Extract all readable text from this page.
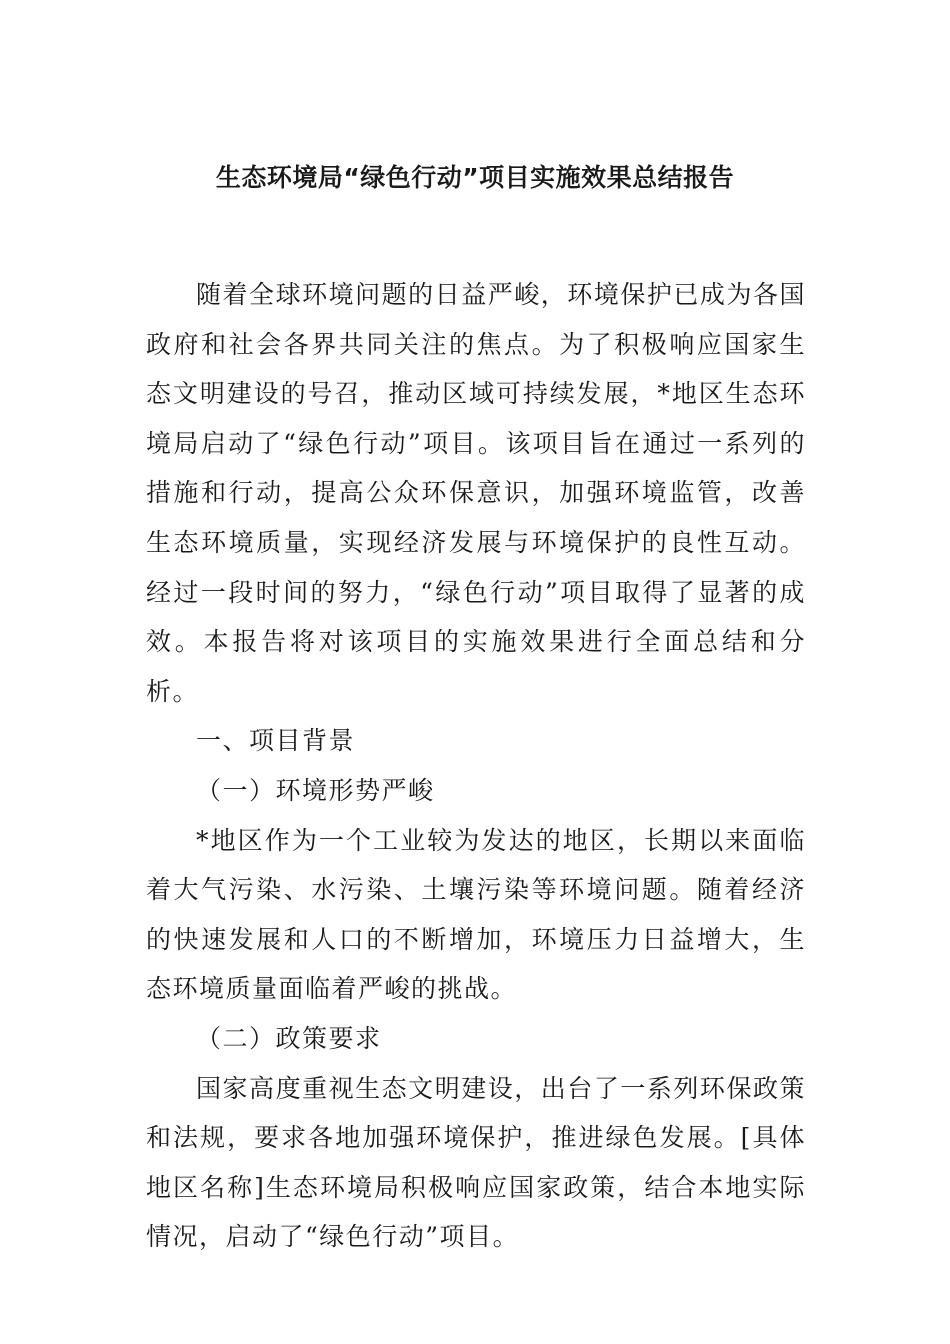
生态环境局“绿色行动”项目实施效果总结报告

随着全球环境问题的日益严峻，环境保护已成为各国政府和社会各界共同关注的焦点。为了积极响应国家生态文明建设的号召，推动区域可持续发展，*地区生态环境局启动了“绿色行动”项目。该项目旨在通过一系列的措施和行动，提高公众环保意识，加强环境监管，改善生态环境质量，实现经济发展与环境保护的良性互动。经过一段时间的努力，“绿色行动”项目取得了显著的成效。本报告将对该项目的实施效果进行全面总结和分析。

一、项目背景

（一）环境形势严峻

*地区作为一个工业较为发达的地区，长期以来面临着大气污染、水污染、土壤污染等环境问题。随着经济的快速发展和人口的不断增加，环境压力日益增大，生态环境质量面临着严峻的挑战。

（二）政策要求

国家高度重视生态文明建设，出台了一系列环保政策和法规，要求各地加强环境保护，推进绿色发展。[具体地区名称]生态环境局积极响应国家政策，结合本地实际情况，启动了“绿色行动”项目。
